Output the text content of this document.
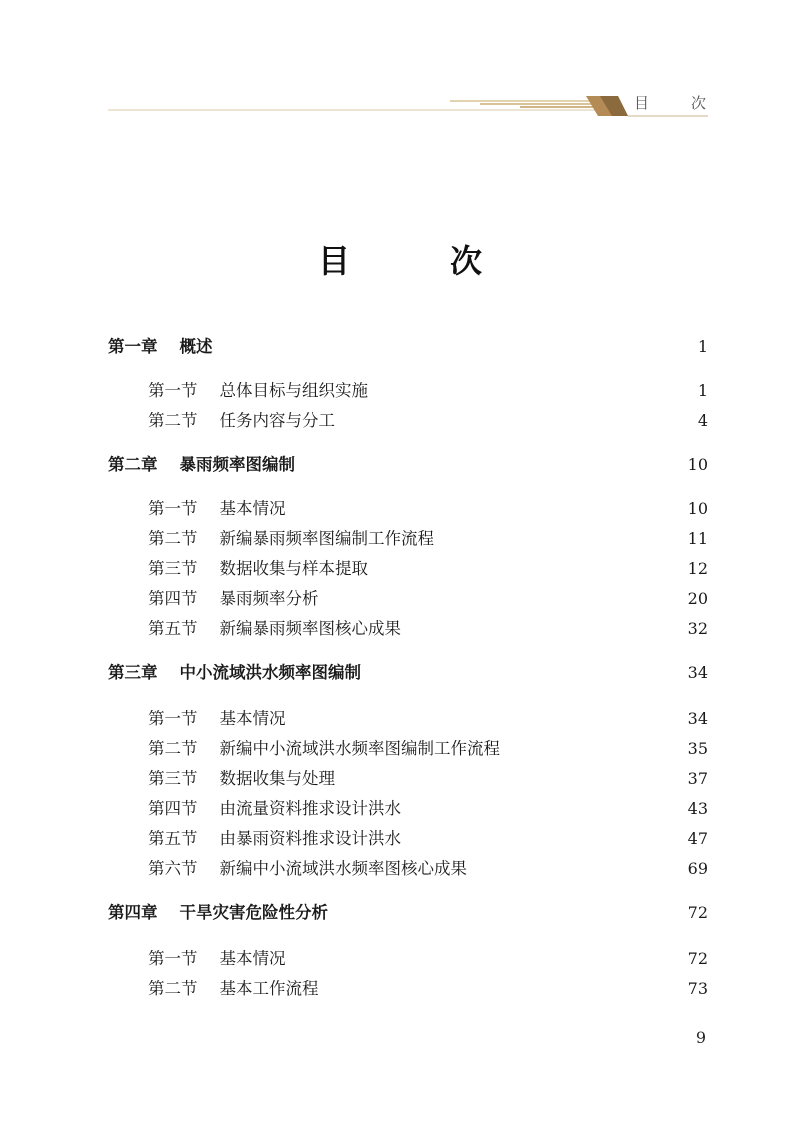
目	次
目	次
第一章 概述	1
第一节 总体目标与组织实施	1
第二节 任务内容与分工	4
第二章 暴雨频率图编制	10
第一节 基本情况	10
第二节 新编暴雨频率图编制工作流程	11
第三节 数据收集与样本提取	12
第四节 暴雨频率分析	20
第五节 新编暴雨频率图核心成果	32
第三章 中小流域洪水频率图编制	34
第一节 基本情况	34
第二节 新编中小流域洪水频率图编制工作流程	35
第三节 数据收集与处理	37
第四节 由流量资料推求设计洪水	43
第五节 由暴雨资料推求设计洪水	47
第六节 新编中小流域洪水频率图核心成果	69
第四章 干旱灾害危险性分析	72
第一节 基本情况	72
第二节 基本工作流程	73
9
